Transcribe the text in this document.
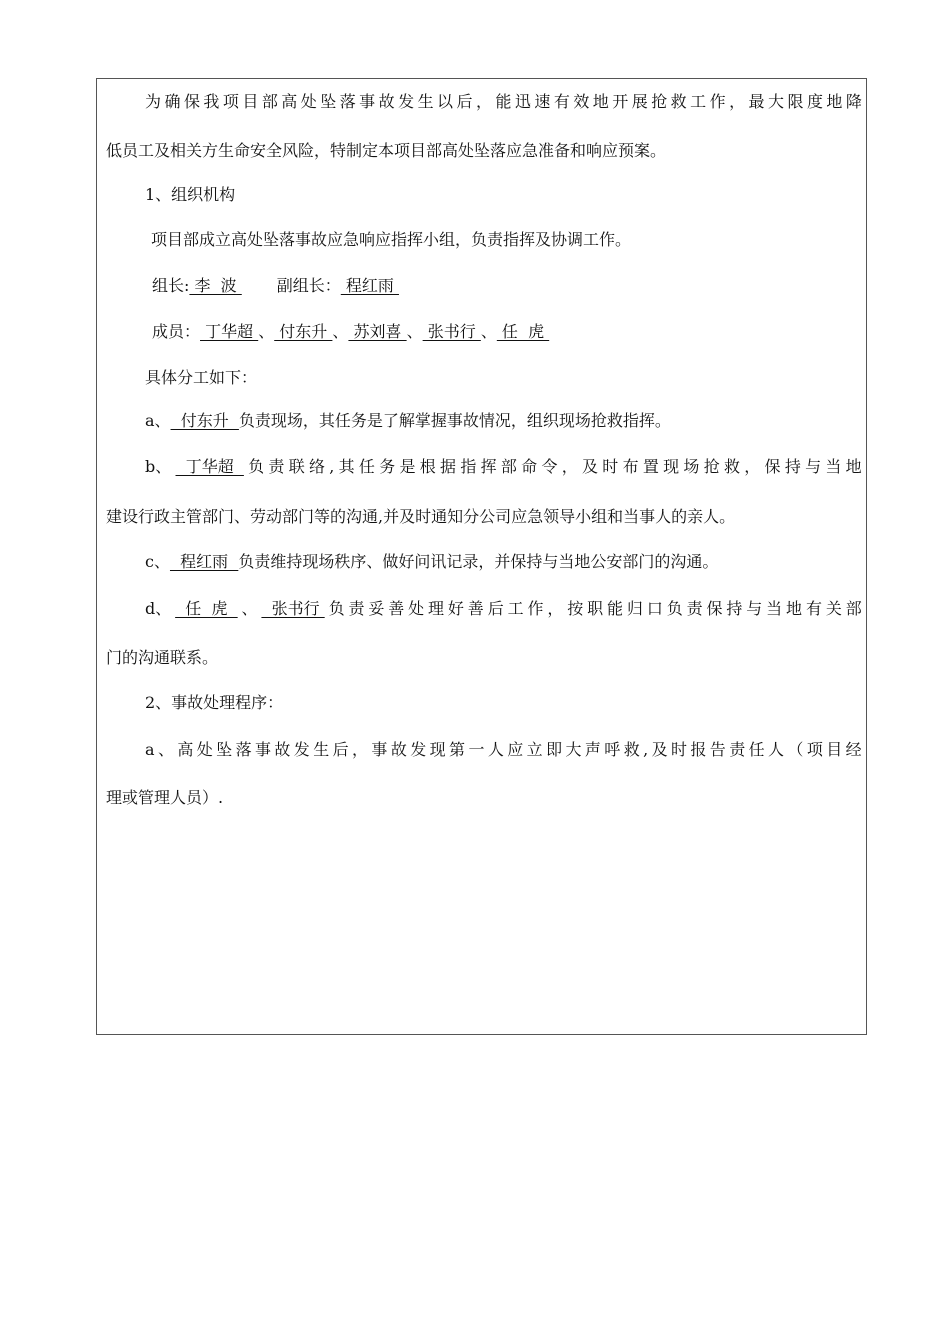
为 确 保 我 项 目 部 高 处 坠 落 事 故 发 生 以 后 ， 能 迅 速 有 效 地 开 展 抢 救 工 作 ， 最 大 限 度 地 降
低员工及相关方生命安全风险，特制定本项目部高处坠落应急准备和响应预案。
1、组织机构
项目部成立高处坠落事故应急响应指挥小组，负责指挥及协调工作。
组长: 李  波 副组长： 程红雨
成员： 丁华超 、 付东升 、 苏刘喜 、 张书行 、 任  虎
具体分工如下：
a、  付东升  负责现场，其任务是了解掌握事故情况，组织现场抢救指挥。
b、 丁华超 负 责 联 络 , 其 任 务 是 根 据 指 挥 部 命 令 ， 及 时 布 置 现 场 抢 救 ， 保 持 与 当 地
建设行政主管部门、劳动部门等的沟通,并及时通知分公司应急领导小组和当事人的亲人。
c、  程红雨  负责维持现场秩序、做好问讯记录，并保持与当地公安部门的沟通。
d、 任  虎 、 张书行 负 责 妥 善 处 理 好 善 后 工 作 ， 按 职 能 归 口 负 责 保 持 与 当 地 有 关 部
门的沟通联系。
2、事故处理程序：
a 、 高 处 坠 落 事 故 发 生 后 ， 事 故 发 现 第 一 人 应 立 即 大 声 呼 救 , 及 时 报 告 责 任 人 （ 项 目 经
理或管理人员）.
